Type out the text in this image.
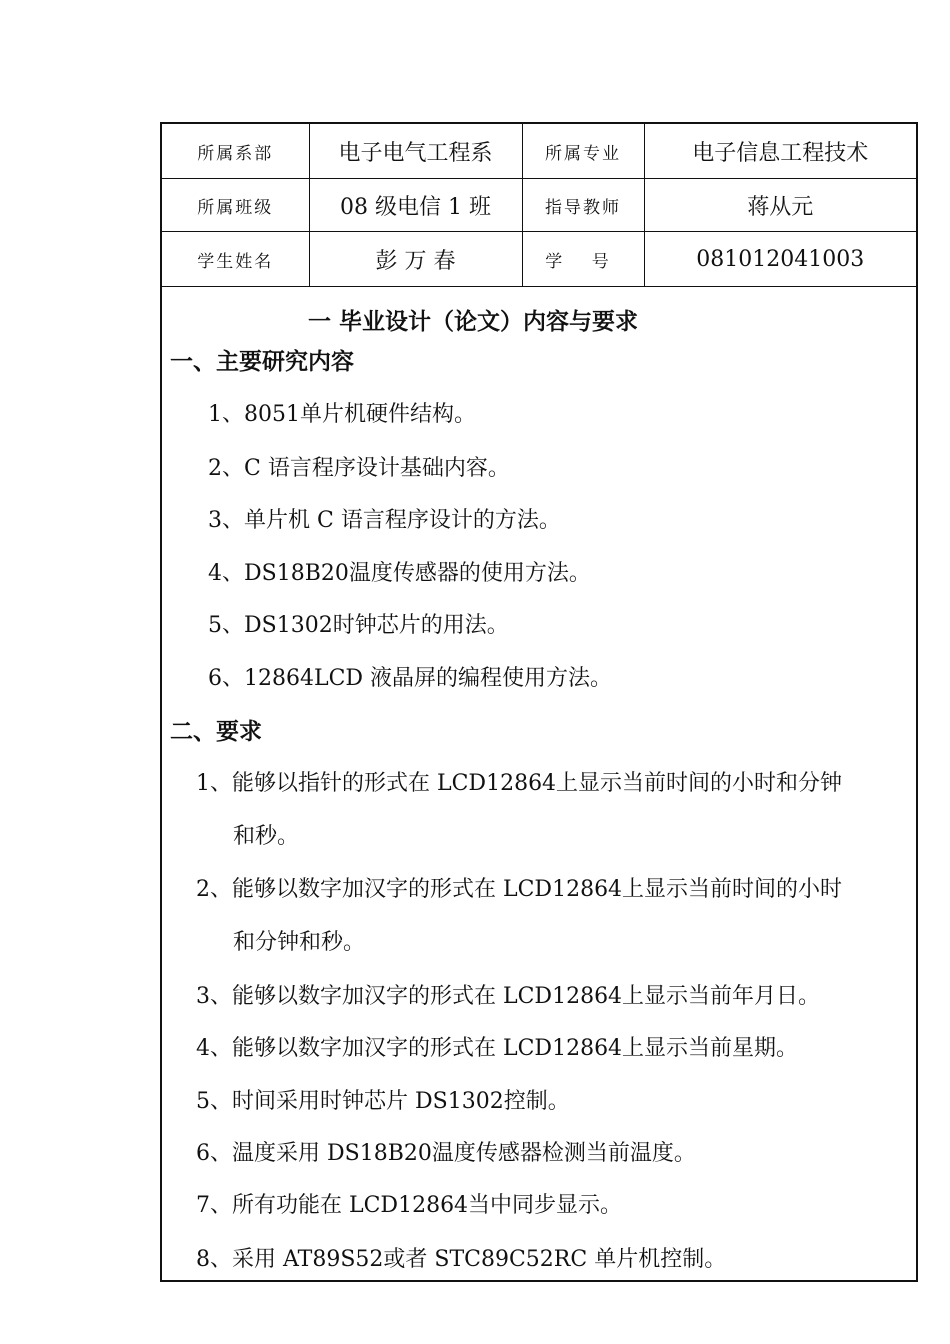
所属系部	电子电气工程系	所属专业	电子信息工程技术
所属班级	08 级电信 1 班	指导教师	蒋从元
学生姓名	彭 万 春	学 号	081012041003
一 毕业设计（论文）内容与要求
一、主要研究内容
1、8051单片机硬件结构。
2、C 语言程序设计基础内容。
3、单片机 C 语言程序设计的方法。
4、DS18B20温度传感器的使用方法。
5、DS1302时钟芯片的用法。
6、12864LCD 液晶屏的编程使用方法。
二、要求
1、能够以指针的形式在 LCD12864上显示当前时间的小时和分钟
和秒。
2、能够以数字加汉字的形式在 LCD12864上显示当前时间的小时
和分钟和秒。
3、能够以数字加汉字的形式在 LCD12864上显示当前年月日。
4、能够以数字加汉字的形式在 LCD12864上显示当前星期。
5、时间采用时钟芯片 DS1302控制。
6、温度采用 DS18B20温度传感器检测当前温度。
7、所有功能在 LCD12864当中同步显示。
8、采用 AT89S52或者 STC89C52RC 单片机控制。
